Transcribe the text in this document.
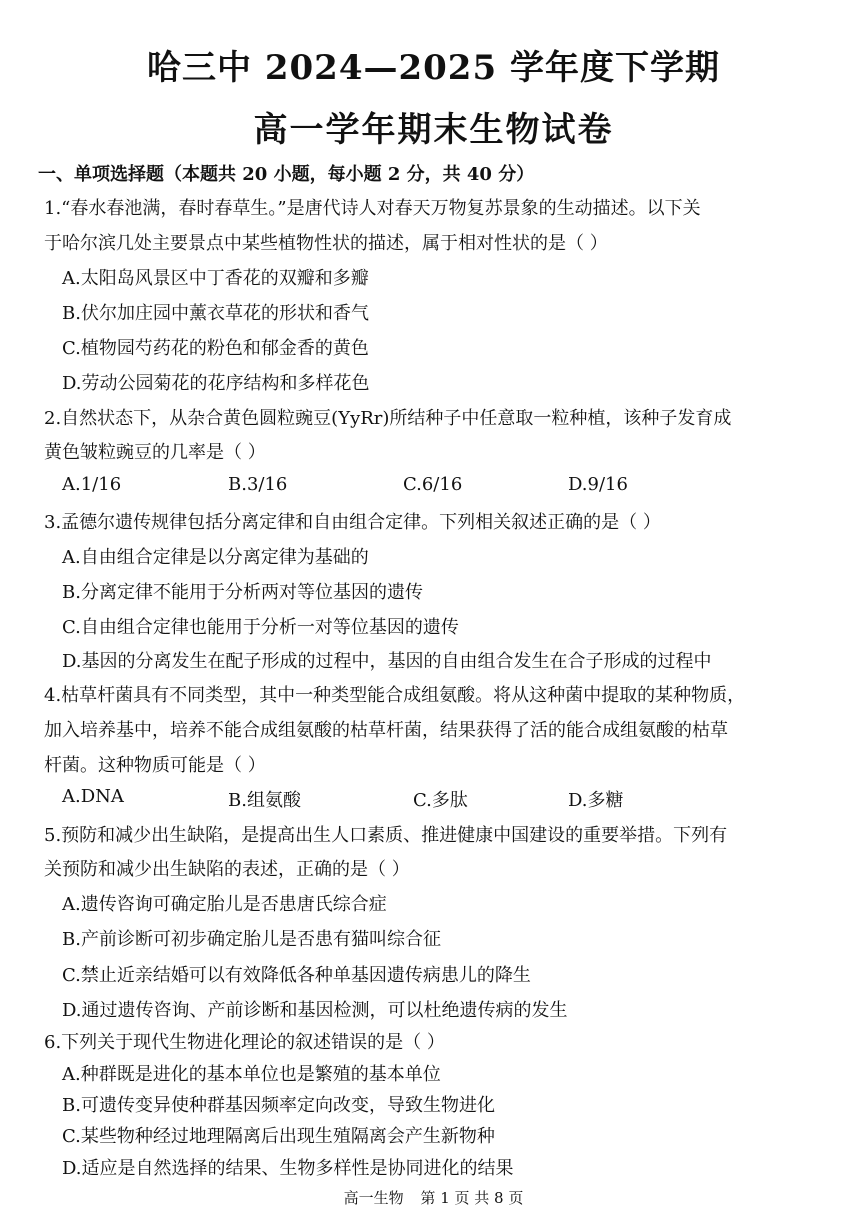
哈三中 2024—2025 学年度下学期
高一学年期末生物试卷
一、单项选择题（本题共 20 小题，每小题 2 分，共 40 分）
1.“春水春池满，春时春草生。”是唐代诗人对春天万物复苏景象的生动描述。以下关
于哈尔滨几处主要景点中某些植物性状的描述，属于相对性状的是（ ）
A.太阳岛风景区中丁香花的双瓣和多瓣
B.伏尔加庄园中薰衣草花的形状和香气
C.植物园芍药花的粉色和郁金香的黄色
D.劳动公园菊花的花序结构和多样花色
2.自然状态下，从杂合黄色圆粒豌豆(YyRr)所结种子中任意取一粒种植，该种子发育成
黄色皱粒豌豆的几率是（ ）
A.1/16	B.3/16	C.6/16	D.9/16
3.孟德尔遗传规律包括分离定律和自由组合定律。下列相关叙述正确的是（ ）
A.自由组合定律是以分离定律为基础的
B.分离定律不能用于分析两对等位基因的遗传
C.自由组合定律也能用于分析一对等位基因的遗传
D.基因的分离发生在配子形成的过程中，基因的自由组合发生在合子形成的过程中
4.枯草杆菌具有不同类型，其中一种类型能合成组氨酸。将从这种菌中提取的某种物质，
加入培养基中，培养不能合成组氨酸的枯草杆菌，结果获得了活的能合成组氨酸的枯草
杆菌。这种物质可能是（ ）
A.DNA	B.组氨酸	C.多肽	D.多糖
5.预防和减少出生缺陷，是提高出生人口素质、推进健康中国建设的重要举措。下列有
关预防和减少出生缺陷的表述，正确的是（ ）
A.遗传咨询可确定胎儿是否患唐氏综合症
B.产前诊断可初步确定胎儿是否患有猫叫综合征
C.禁止近亲结婚可以有效降低各种单基因遗传病患儿的降生
D.通过遗传咨询、产前诊断和基因检测，可以杜绝遗传病的发生
6.下列关于现代生物进化理论的叙述错误的是（ ）
A.种群既是进化的基本单位也是繁殖的基本单位
B.可遗传变异使种群基因频率定向改变，导致生物进化
C.某些物种经过地理隔离后出现生殖隔离会产生新物种
D.适应是自然选择的结果、生物多样性是协同进化的结果
高一生物 第 1 页 共 8 页
